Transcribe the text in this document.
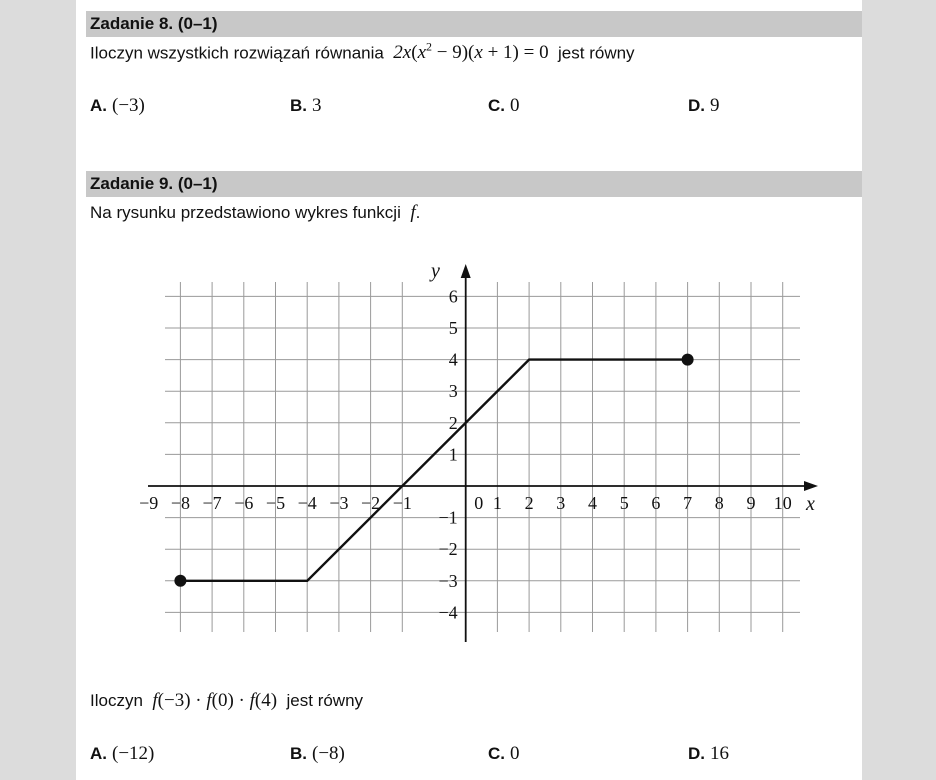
Zadanie 8. (0–1)
Iloczyn wszystkich rozwiązań równania $2x(x^2 - 9)(x + 1) = 0$ jest równy
A. (−3)	B. 3	C. 0	D. 9
Zadanie 9. (0–1)
Na rysunku przedstawiono wykres funkcji f.
Iloczyn f(−3) · f(0) · f(4) jest równy
A. (−12)	B. (−8)	C. 0	D. 16
x
y
−9 −8 −7 −6 −5 −4 −3 −2 −1	0 1 2 3 4 5 6 7 8 9 10
6
5
4
3
2
1
−1
−2
−3
−4
